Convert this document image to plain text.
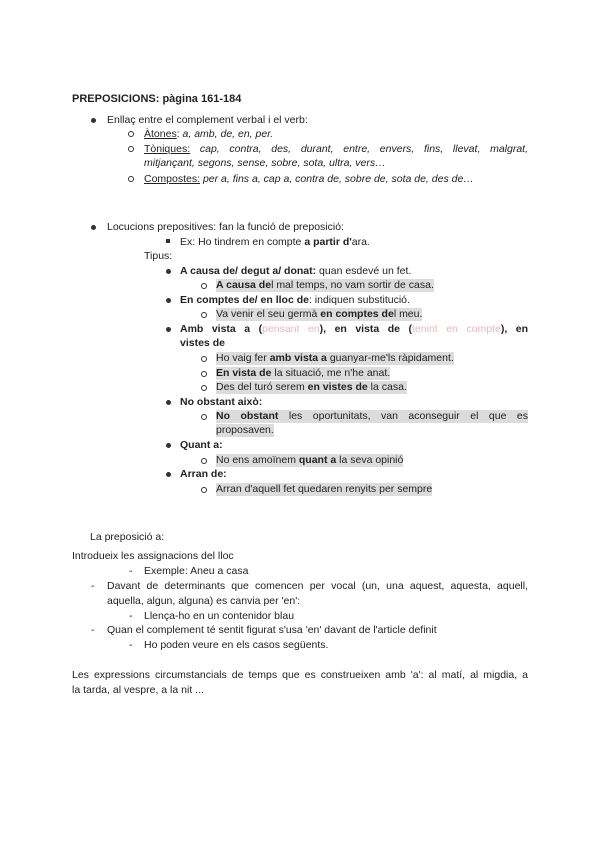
PREPOSICIONS: pàgina 161-184
Enllaç entre el complement verbal i el verb:
Àtones: a, amb, de, en, per.
Tòniques: cap, contra, des, durant, entre, envers, fins, llevat, malgrat,
mitjançant, segons, sense, sobre, sota, ultra, vers…
Compostes: per a, fins a, cap a, contra de, sobre de, sota de, des de…
Locucions prepositives: fan la funció de preposició:
Ex: Ho tindrem en compte a partir d'ara.
Tipus:
A causa de/ degut a/ donat: quan esdevé un fet.
A causa del mal temps, no vam sortir de casa.
En comptes de/ en lloc de: indiquen substitució.
Va venir el seu germà en comptes del meu.
Amb vista a (pensant en), en vista de (tenint en compte), en
vistes de
Ho vaig fer amb vista a guanyar-me'ls ràpidament.
En vista de la situació, me n'he anat.
Des del turó serem en vistes de la casa.
No obstant això:
No obstant les oportunitats, van aconseguir el que es
proposaven.
Quant a:
No ens amoïnem quant a la seva opinió
Arran de:
Arran d'aquell fet quedaren renyits per sempre
La preposició a:
Introdueix les assignacions del lloc
- Exemple: Aneu a casa
- Davant de determinants que comencen per vocal (un, una aquest, aquesta, aquell,
aquella, algun, alguna) es canvia per 'en':
- Llença-ho en un contenidor blau
- Quan el complement té sentit figurat s'usa 'en' davant de l'article definit
- Ho poden veure en els casos següents.
Les expressions circumstancials de temps que es construeixen amb 'a': al matí, al migdia, a
la tarda, al vespre, a la nit ...
